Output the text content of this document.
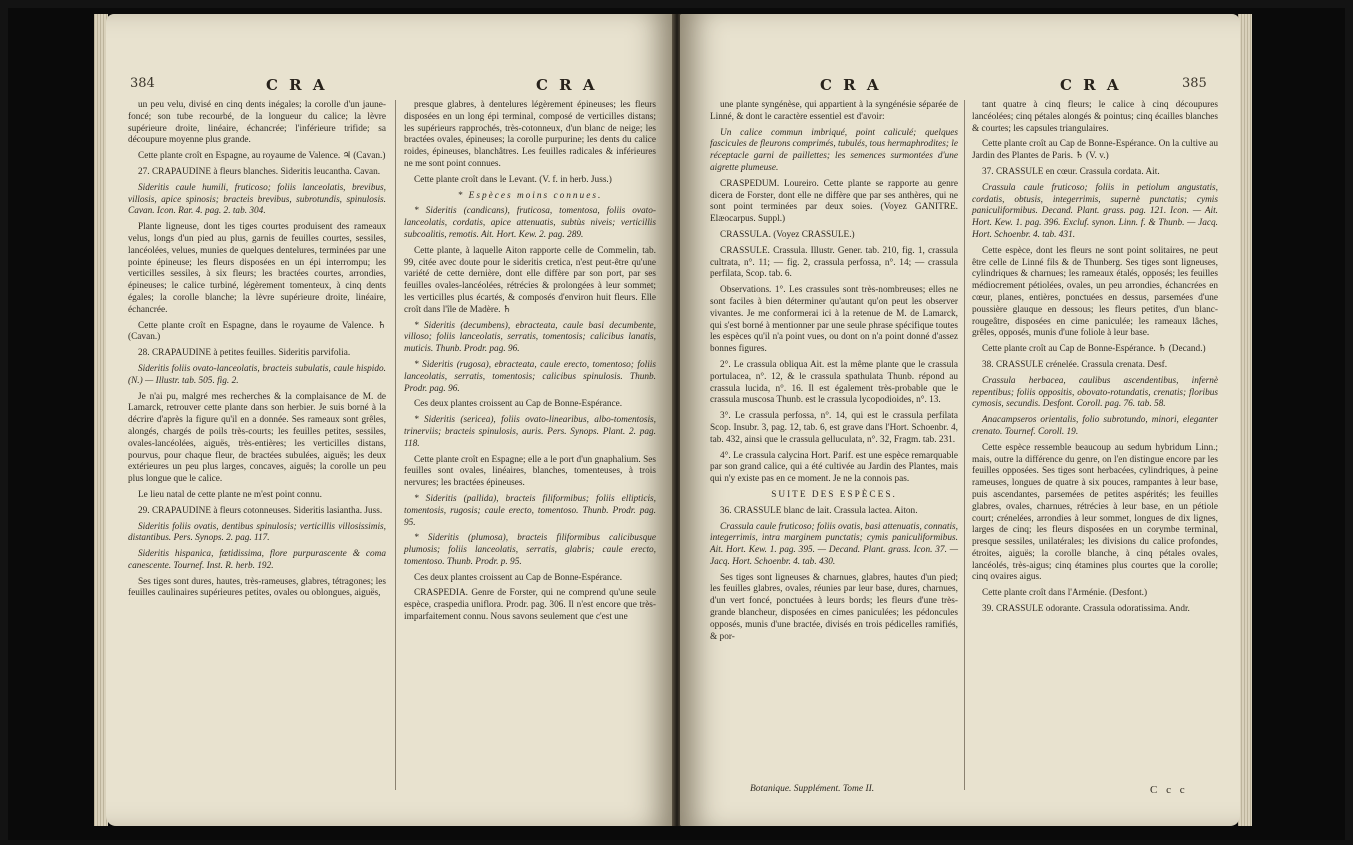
384	C R A	C R A

un peu velu, divisé en cinq dents inégales; la corolle d'un jaune-foncé; son tube recourbé, de la longueur du calice; la lèvre supérieure droite, linéaire, échancrée; l'inférieure trifide; sa découpure moyenne plus grande.

Cette plante croît en Espagne, au royaume de Valence. ♃ (Cavan.)

27. CRAPAUDINE à fleurs blanches. Sideritis leucantha. Cavan.

Sideritis caule humili, fruticoso; foliis lanceolatis, brevibus, villosis, apice spinosis; bracteis brevibus, subrotundis, spinulosis. Cavan. Icon. Rar. 4. pag. 2. tab. 304.

Plante ligneuse, dont les tiges courtes produisent des rameaux velus, longs d'un pied au plus, garnis de feuilles courtes, sessiles, lancéolées, velues, munies de quelques dentelures, terminées par une pointe épineuse; les fleurs disposées en un épi interrompu; les verticilles sessiles, à six fleurs; les bractées courtes, arrondies, épineuses; le calice turbiné, légèrement tomenteux, à cinq dents égales; la corolle blanche; la lèvre supérieure droite, linéaire, échancrée.

Cette plante croît en Espagne, dans le royaume de Valence. ♄ (Cavan.)

28. CRAPAUDINE à petites feuilles. Sideritis parvifolia.

Sideritis foliis ovato-lanceolatis, bracteis subulatis, caule hispido. (N.) — Illustr. tab. 505. fig. 2.

Je n'ai pu, malgré mes recherches & la complaisance de M. de Lamarck, retrouver cette plante dans son herbier. Je suis borné à la décrire d'après la figure qu'il en a donnée. Ses rameaux sont grêles, alongés, chargés de poils très-courts; les feuilles petites, sessiles, ovales-lancéolées, aiguës, très-entières; les verticilles distans, pourvus, pour chaque fleur, de bractées subulées, aiguës; les deux extérieures un peu plus larges, concaves, aiguës; la corolle un peu plus longue que le calice.

Le lieu natal de cette plante ne m'est point connu.

29. CRAPAUDINE à fleurs cotonneuses. Sideritis lasiantha. Juss.

Sideritis foliis ovatis, dentibus spinulosis; verticillis villosissimis, distantibus. Pers. Synops. 2. pag. 117.

Sideritis hispanica, fætidissima, flore purpurascente & coma canescente. Tournef. Inst. R. herb. 192.

Ses tiges sont dures, hautes, très-rameuses, glabres, tétragones; les feuilles caulinaires supérieures petites, ovales ou oblongues, aiguës,

presque glabres, à dentelures légèrement épineuses; les fleurs disposées en un long épi terminal, composé de verticilles distans; les supérieurs rapprochés, très-cotonneux, d'un blanc de neige; les bractées ovales, épineuses; la corolle purpurine; les dents du calice roides, épineuses, blanchâtres. Les feuilles radicales & inférieures ne me sont point connues.

Cette plante croît dans le Levant. (V. f. in herb. Juss.)

* Espèces moins connues.

* Sideritis (candicans), fruticosa, tomentosa, foliis ovato-lanceolatis, cordatis, apice attenuatis, subtùs niveis; verticillis subcoalitis, remotis. Ait. Hort. Kew. 2. pag. 289.

Cette plante, à laquelle Aiton rapporte celle de Commelin, tab. 99, citée avec doute pour le sideritis cretica, n'est peut-être qu'une variété de cette dernière, dont elle diffère par son port, par ses feuilles ovales-lancéolées, rétrécies & prolongées à leur sommet; les verticilles plus écartés, & composés d'environ huit fleurs. Elle croît dans l'île de Madère. ♄

* Sideritis (decumbens), ebracteata, caule basi decumbente, villoso; foliis lanceolatis, serratis, tomentosis; calicibus lanatis, muticis. Thunb. Prodr. pag. 96.

* Sideritis (rugosa), ebracteata, caule erecto, tomentoso; foliis lanceolatis, serratis, tomentosis; calicibus spinulosis. Thunb. Prodr. pag. 96.

Ces deux plantes croissent au Cap de Bonne-Espérance.

* Sideritis (sericea), foliis ovato-linearibus, albo-tomentosis, trinerviis; bracteis spinulosis, auris. Pers. Synops. Plant. 2. pag. 118.

Cette plante croît en Espagne; elle a le port d'un gnaphalium. Ses feuilles sont ovales, linéaires, blanches, tomenteuses, à trois nervures; les bractées épineuses.

* Sideritis (pallida), bracteis filiformibus; foliis ellipticis, tomentosis, rugosis; caule erecto, tomentoso. Thunb. Prodr. pag. 95.

* Sideritis (plumosa), bracteis filiformibus calicibusque plumosis; foliis lanceolatis, serratis, glabris; caule erecto, tomentoso. Thunb. Prodr. p. 95.

Ces deux plantes croissent au Cap de Bonne-Espérance.

CRASPEDIA. Genre de Forster, qui ne comprend qu'une seule espèce, craspedia uniflora. Prodr. pag. 306. Il n'est encore que très-imparfaitement connu. Nous savons seulement que c'est une

C R A	C R A	385

une plante syngénèse, qui appartient à la syngénésie séparée de Linné, & dont le caractère essentiel est d'avoir:

Un calice commun imbriqué, point caliculé; quelques fascicules de fleurons comprimés, tubulés, tous hermaphrodites; le réceptacle garni de paillettes; les semences surmontées d'une aigrette plumeuse.

CRASPEDUM. Loureiro. Cette plante se rapporte au genre dicera de Forster, dont elle ne diffère que par ses anthères, qui ne sont point terminées par deux soies. (Voyez GANITRE. Elæocarpus. Suppl.)

CRASSULA. (Voyez CRASSULE.)

CRASSULE. Crassula. Illustr. Gener. tab. 210, fig. 1, crassula cultrata, n°. 11; — fig. 2, crassula perfossa, n°. 14; — crassula perfilata, Scop. tab. 6.

Observations. 1°. Les crassules sont très-nombreuses; elles ne sont faciles à bien déterminer qu'autant qu'on peut les observer vivantes. Je me conformerai ici à la retenue de M. de Lamarck, qui s'est borné à mentionner par une seule phrase spécifique toutes les espèces qu'il n'a point vues, ou dont on n'a point donné d'assez bonnes figures.

2°. Le crassula obliqua Ait. est la même plante que le crassula portulacea, n°. 12, & le crassula spathulata Thunb. répond au crassula lucida, n°. 16. Il est également très-probable que le crassula muscosa Thunb. est le crassula lycopodioides, n°. 13.

3°. Le crassula perfossa, n°. 14, qui est le crassula perfilata Scop. Insubr. 3, pag. 12, tab. 6, est grave dans l'Hort. Schoenbr. 4, tab. 432, ainsi que le crassula gelluculata, n°. 32, Fragm. tab. 231.

4°. Le crassula calycina Hort. Parif. est une espèce remarquable par son grand calice, qui a été cultivée au Jardin des Plantes, mais qui n'y existe pas en ce moment. Je ne la connois pas.

SUITE DES ESPÈCES.

36. CRASSULE blanc de lait. Crassula lactea. Aiton.

Crassula caule fruticoso; foliis ovatis, basi attenuatis, connatis, integerrimis, intra marginem punctatis; cymis paniculiformibus. Ait. Hort. Kew. 1. pag. 395. — Decand. Plant. grass. Icon. 37. — Jacq. Hort. Schoenbr. 4. tab. 430.

Ses tiges sont ligneuses & charnues, glabres, hautes d'un pied; les feuilles glabres, ovales, réunies par leur base, dures, charnues, d'un vert foncé, ponctuées à leurs bords; les fleurs d'une très-grande blancheur, disposées en cimes paniculées; les pédoncules opposés, munis d'une bractée, divisés en trois pédicelles ramifiés, & por-

tant quatre à cinq fleurs; le calice à cinq découpures lancéolées; cinq pétales alongés & pointus; cinq écailles blanches & courtes; les capsules triangulaires.

Cette plante croît au Cap de Bonne-Espérance. On la cultive au Jardin des Plantes de Paris. ♄ (V. v.)

37. CRASSULE en cœur. Crassula cordata. Ait.

Crassula caule fruticoso; foliis in petiolum angustatis, cordatis, obtusis, integerrimis, supernè punctatis; cymis paniculiformibus. Decand. Plant. grass. pag. 121. Icon. — Ait. Hort. Kew. 1. pag. 396. Excluf. synon. Linn. f. & Thunb. — Jacq. Hort. Schoenbr. 4. tab. 431.

Cette espèce, dont les fleurs ne sont point solitaires, ne peut être celle de Linné fils & de Thunberg. Ses tiges sont ligneuses, cylindriques & charnues; les rameaux étalés, opposés; les feuilles médiocrement pétiolées, ovales, un peu arrondies, échancrées en cœur, planes, entières, ponctuées en dessus, parsemées d'une poussière glauque en dessous; les fleurs petites, d'un blanc-rougeâtre, disposées en cime paniculée; les rameaux lâches, grêles, opposés, munis d'une foliole à leur base.

Cette plante croît au Cap de Bonne-Espérance. ♄ (Decand.)

38. CRASSULE crénelée. Crassula crenata. Desf.

Crassula herbacea, caulibus ascendentibus, infernè repentibus; foliis oppositis, obovato-rotundatis, crenatis; floribus cymosis, secundis. Desfont. Coroll. pag. 76. tab. 58.

Anacampseros orientalis, folio subrotundo, minori, eleganter crenato. Tournef. Coroll. 19.

Cette espèce ressemble beaucoup au sedum hybridum Linn.; mais, outre la différence du genre, on l'en distingue encore par les feuilles opposées. Ses tiges sont herbacées, cylindriques, à peine rameuses, longues de quatre à six pouces, rampantes à leur base, puis ascendantes, parsemées de petites aspérités; les feuilles glabres, ovales, charnues, rétrécies à leur base, en un pétiole court; crénelées, arrondies à leur sommet, longues de dix lignes, larges de cinq; les fleurs disposées en un corymbe terminal, presque sessiles, unilatérales; les divisions du calice profondes, étroites, aiguës; la corolle blanche, à cinq pétales ovales, lancéolés, très-aigus; cinq étamines plus courtes que la corolle; cinq ovaires aigus.

Cette plante croît dans l'Arménie. (Desfont.)

39. CRASSULE odorante. Crassula odoratissima. Andr.

Botanique. Supplément. Tome II.	C c c
